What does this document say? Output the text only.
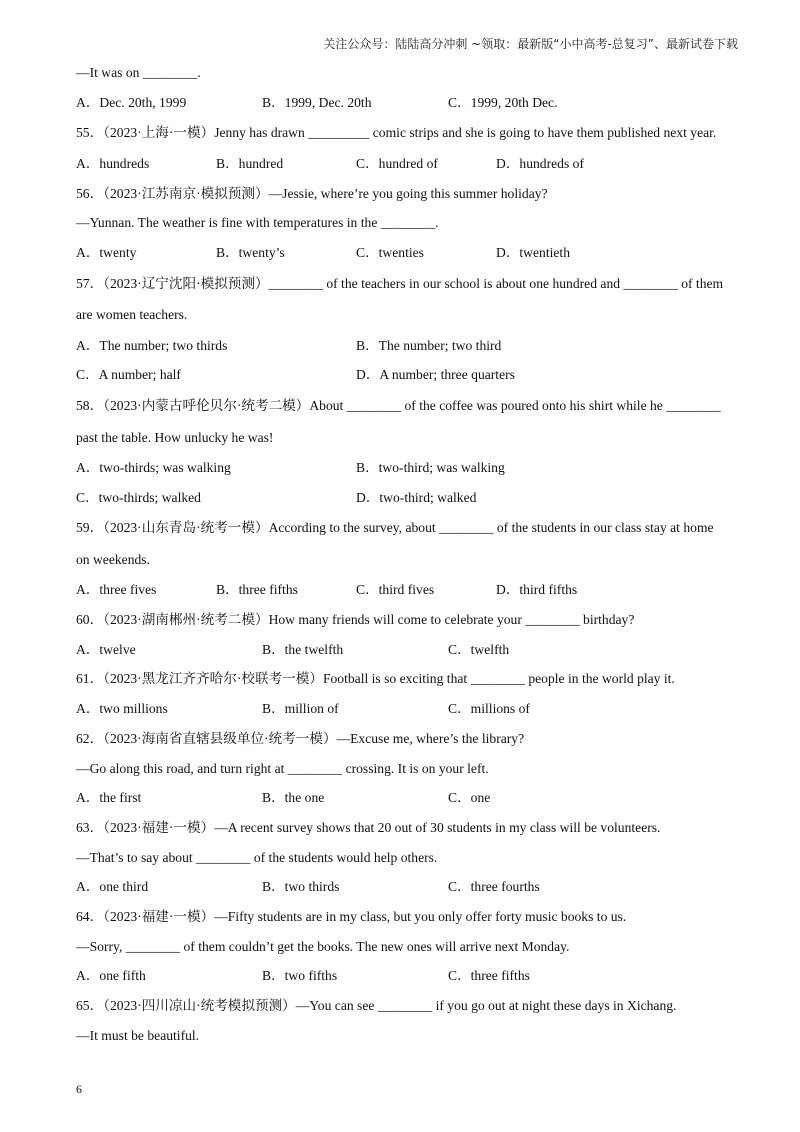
关注公众号：陆陆高分冲刺 ~领取：最新版“小中高考-总复习”、最新试卷下载
—It was on ________.
A．Dec. 20th, 1999	B．1999, Dec. 20th	C．1999, 20th Dec.
55．（2023·上海·一模）Jenny has drawn _________ comic strips and she is going to have them published next year.
A．hundreds	B．hundred	C．hundred of	D．hundreds of
56．（2023·江苏南京·模拟预测）—Jessie, where’re you going this summer holiday?
—Yunnan. The weather is fine with temperatures in the ________.
A．twenty	B．twenty’s	C．twenties	D．twentieth
57．（2023·辽宁沈阳·模拟预测）________ of the teachers in our school is about one hundred and ________ of them are women teachers.
A．The number; two thirds	B．The number; two third
C．A number; half	D．A number; three quarters
58．（2023·内蒙古呼伦贝尔·统考二模）About ________ of the coffee was poured onto his shirt while he ________ past the table. How unlucky he was!
A．two-thirds; was walking	B．two-third; was walking
C．two-thirds; walked	D．two-third; walked
59．（2023·山东青岛·统考一模）According to the survey, about ________ of the students in our class stay at home on weekends.
A．three fives	B．three fifths	C．third fives	D．third fifths
60．（2023·湖南郴州·统考二模）How many friends will come to celebrate your ________ birthday?
A．twelve	B．the twelfth	C．twelfth
61．（2023·黑龙江齐齐哈尔·校联考一模）Football is so exciting that ________ people in the world play it.
A．two millions	B．million of	C．millions of
62．（2023·海南省直辖县级单位·统考一模）—Excuse me, where’s the library?
—Go along this road, and turn right at ________ crossing. It is on your left.
A．the first	B．the one	C．one
63．（2023·福建·一模）—A recent survey shows that 20 out of 30 students in my class will be volunteers.
—That’s to say about ________ of the students would help others.
A．one third	B．two thirds	C．three fourths
64．（2023·福建·一模）—Fifty students are in my class, but you only offer forty music books to us.
—Sorry, ________ of them couldn’t get the books. The new ones will arrive next Monday.
A．one fifth	B．two fifths	C．three fifths
65．（2023·四川凉山·统考模拟预测）—You can see ________ if you go out at night these days in Xichang.
—It must be beautiful.
6
